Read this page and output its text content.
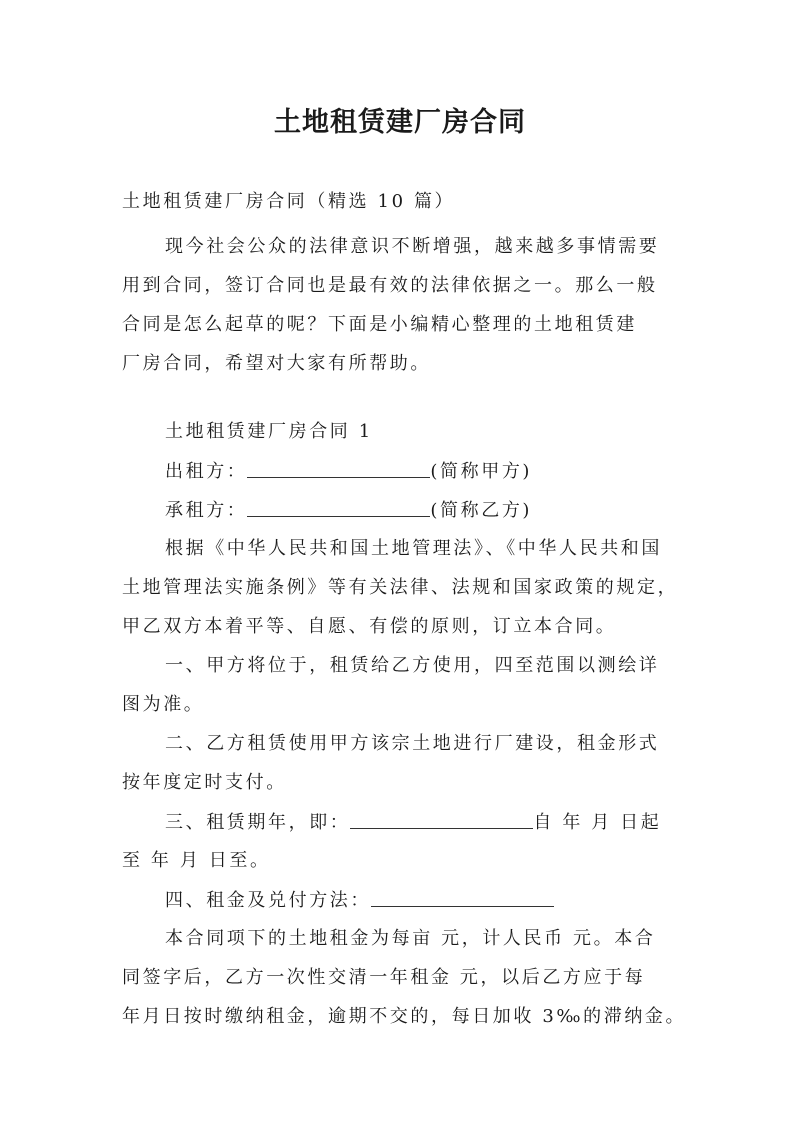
土地租赁建厂房合同
土地租赁建厂房合同（精选 10 篇）
现今社会公众的法律意识不断增强，越来越多事情需要
用到合同，签订合同也是最有效的法律依据之一。那么一般
合同是怎么起草的呢？下面是小编精心整理的土地租赁建
厂房合同，希望对大家有所帮助。
土地租赁建厂房合同 1
出租方：	(简称甲方)
承租方：	(简称乙方)
根据《中华人民共和国土地管理法》、《中华人民共和国
土地管理法实施条例》等有关法律、法规和国家政策的规定，
甲乙双方本着平等、自愿、有偿的原则，订立本合同。
一、甲方将位于，租赁给乙方使用，四至范围以测绘详
图为准。
二、乙方租赁使用甲方该宗土地进行厂建设，租金形式
按年度定时支付。
三、租赁期年，即：	自 年 月 日起
至 年 月 日至。
四、租金及兑付方法：
本合同项下的土地租金为每亩 元，计人民币 元。本合
同签字后，乙方一次性交清一年租金 元，以后乙方应于每
年月日按时缴纳租金，逾期不交的，每日加收 3‰的滞纳金。
